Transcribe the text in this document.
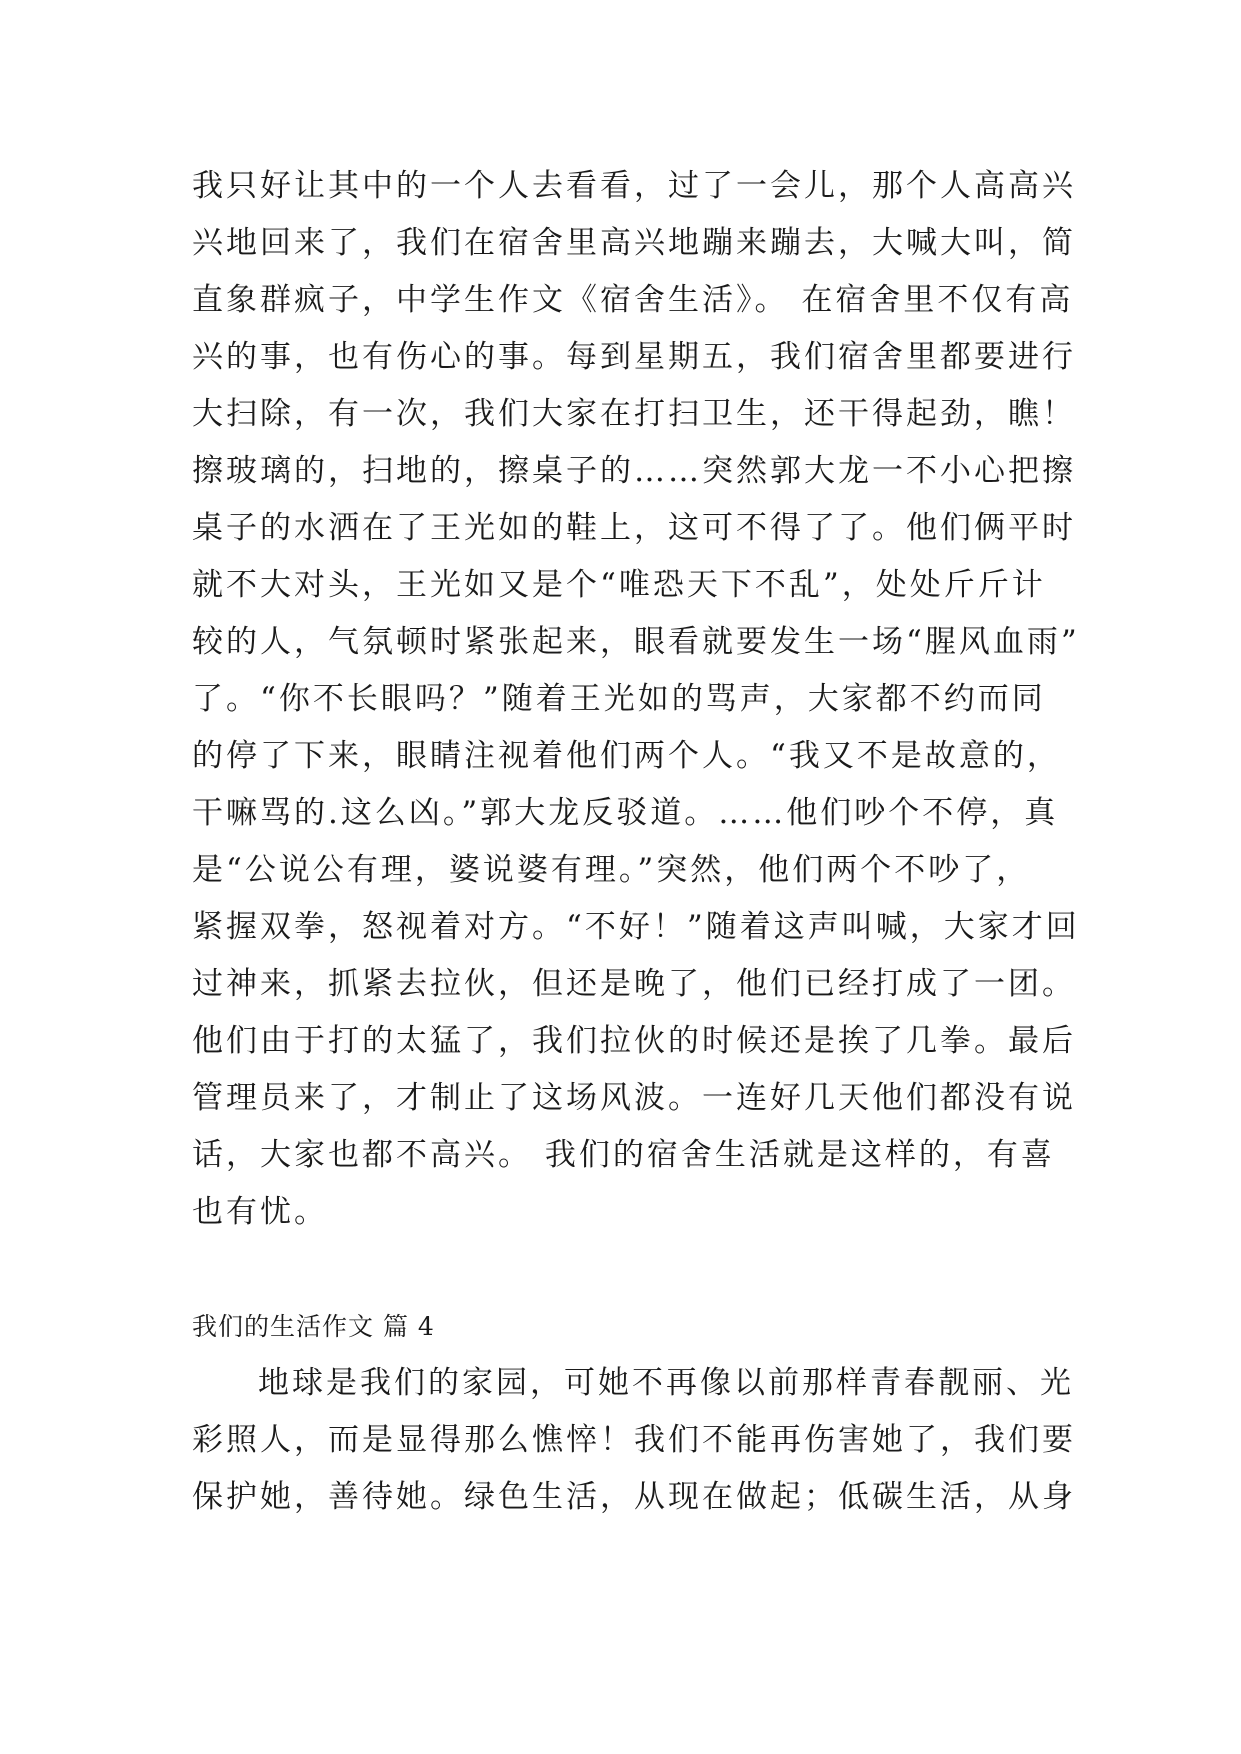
我只好让其中的一个人去看看，过了一会儿，那个人高高兴
兴地回来了，我们在宿舍里高兴地蹦来蹦去，大喊大叫，简
直象群疯子，中学生作文《宿舍生活》。 在宿舍里不仅有高
兴的事，也有伤心的事。每到星期五，我们宿舍里都要进行
大扫除，有一次，我们大家在打扫卫生，还干得起劲，瞧！
擦玻璃的，扫地的，擦桌子的……突然郭大龙一不小心把擦
桌子的水洒在了王光如的鞋上，这可不得了了。他们俩平时
就不大对头，王光如又是个“唯恐天下不乱”，处处斤斤计
较的人，气氛顿时紧张起来，眼看就要发生一场“腥风血雨”
了。“你不长眼吗？”随着王光如的骂声，大家都不约而同
的停了下来，眼睛注视着他们两个人。“我又不是故意的，
干嘛骂的.这么凶。”郭大龙反驳道。……他们吵个不停，真
是“公说公有理，婆说婆有理。”突然，他们两个不吵了，
紧握双拳，怒视着对方。“不好！”随着这声叫喊，大家才回
过神来，抓紧去拉伙，但还是晚了，他们已经打成了一团。
他们由于打的太猛了，我们拉伙的时候还是挨了几拳。最后
管理员来了，才制止了这场风波。一连好几天他们都没有说
话，大家也都不高兴。 我们的宿舍生活就是这样的，有喜
也有忧。
我们的生活作文 篇 4
地球是我们的家园，可她不再像以前那样青春靓丽、光
彩照人，而是显得那么憔悴！我们不能再伤害她了，我们要
保护她，善待她。绿色生活，从现在做起；低碳生活，从身
